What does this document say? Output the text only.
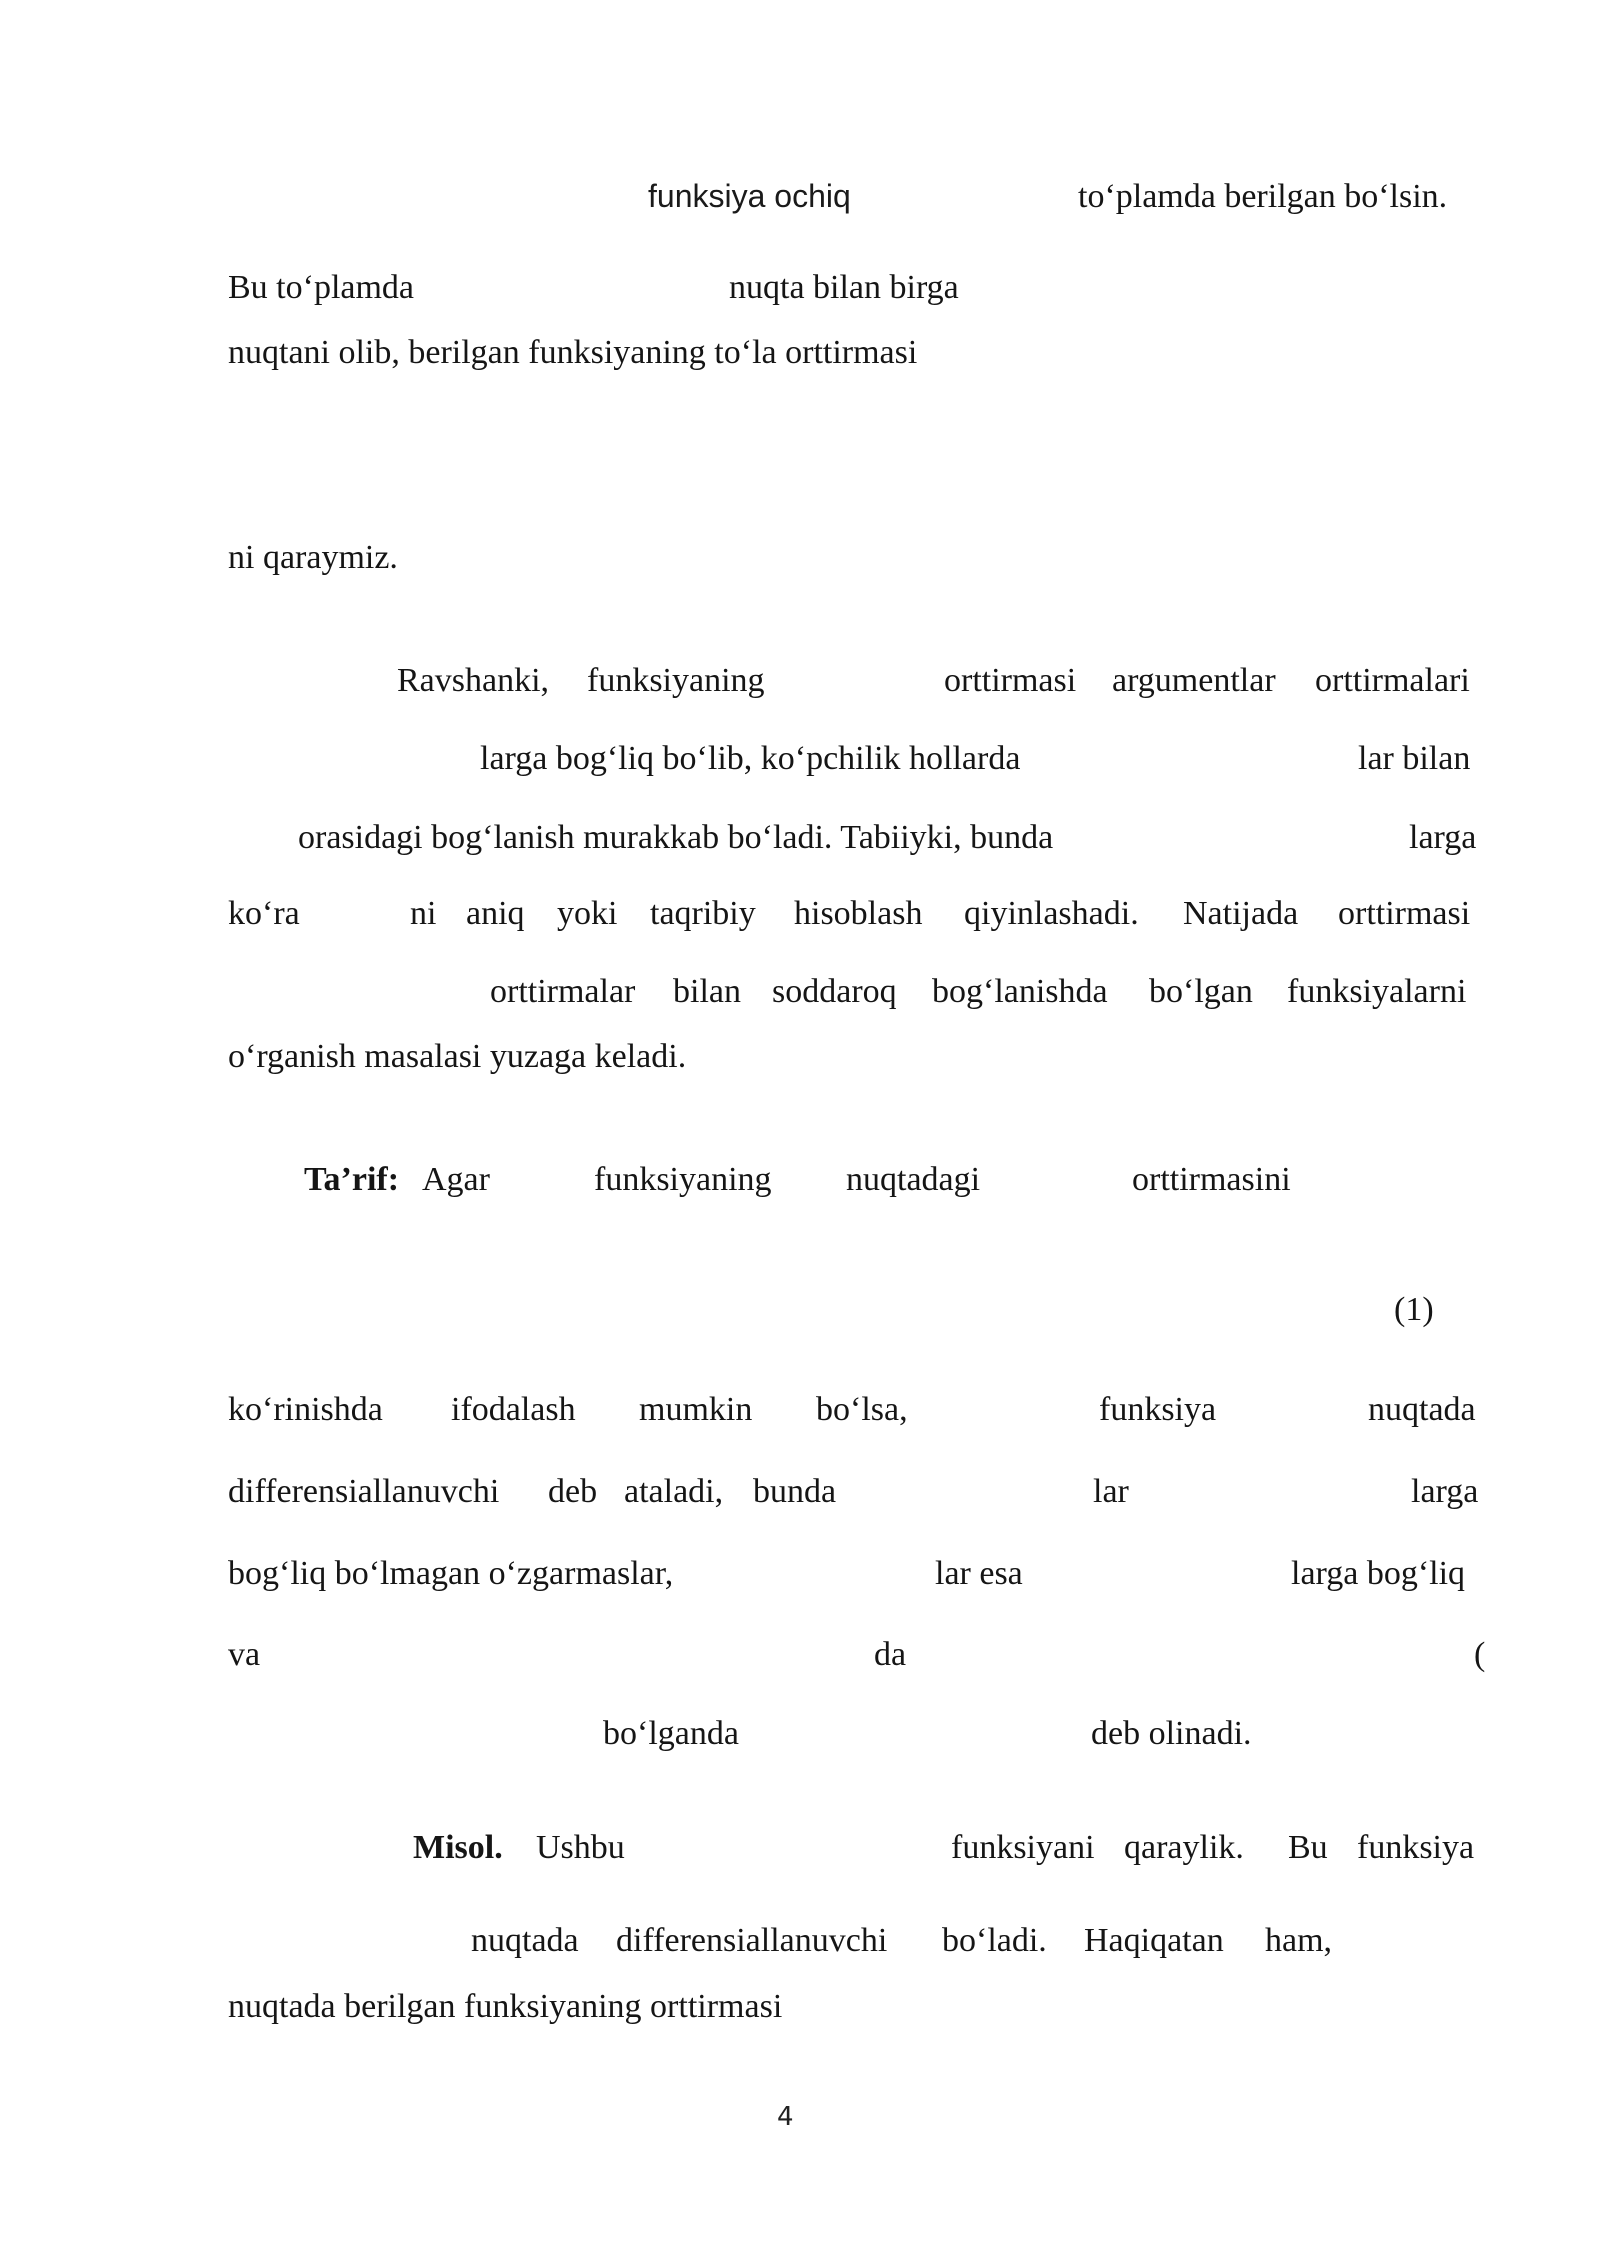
funksiya ochiq	to‘plamda berilgan bo‘lsin.
Bu to‘plamda	nuqta bilan birga
nuqtani olib, berilgan funksiyaning to‘la orttirmasi
ni qaraymiz.
Ravshanki, funksiyaning	orttirmasi argumentlar orttirmalari
larga bog‘liq bo‘lib, ko‘pchilik hollarda	lar bilan
orasidagi bog‘lanish murakkab bo‘ladi. Tabiiyki, bunda	larga
ko‘ra	ni aniq yoki taqribiy hisoblash qiyinlashadi. Natijada orttirmasi
orttirmalar bilan soddaroq bog‘lanishda bo‘lgan funksiyalarni
o‘rganish masalasi yuzaga keladi.
Ta’rif: Agar	funksiyaning nuqtadagi	orttirmasini
(1)
ko‘rinishda ifodalash mumkin bo‘lsa,	funksiya	nuqtada
differensiallanuvchi deb ataladi, bunda	lar	larga
bog‘liq bo‘lmagan o‘zgarmaslar,	lar esa	larga bog‘liq
va	da	(
bo‘lganda	deb olinadi.
Misol. Ushbu	funksiyani qaraylik. Bu funksiya
nuqtada differensiallanuvchi bo‘ladi. Haqiqatan ham,
nuqtada berilgan funksiyaning orttirmasi
4
